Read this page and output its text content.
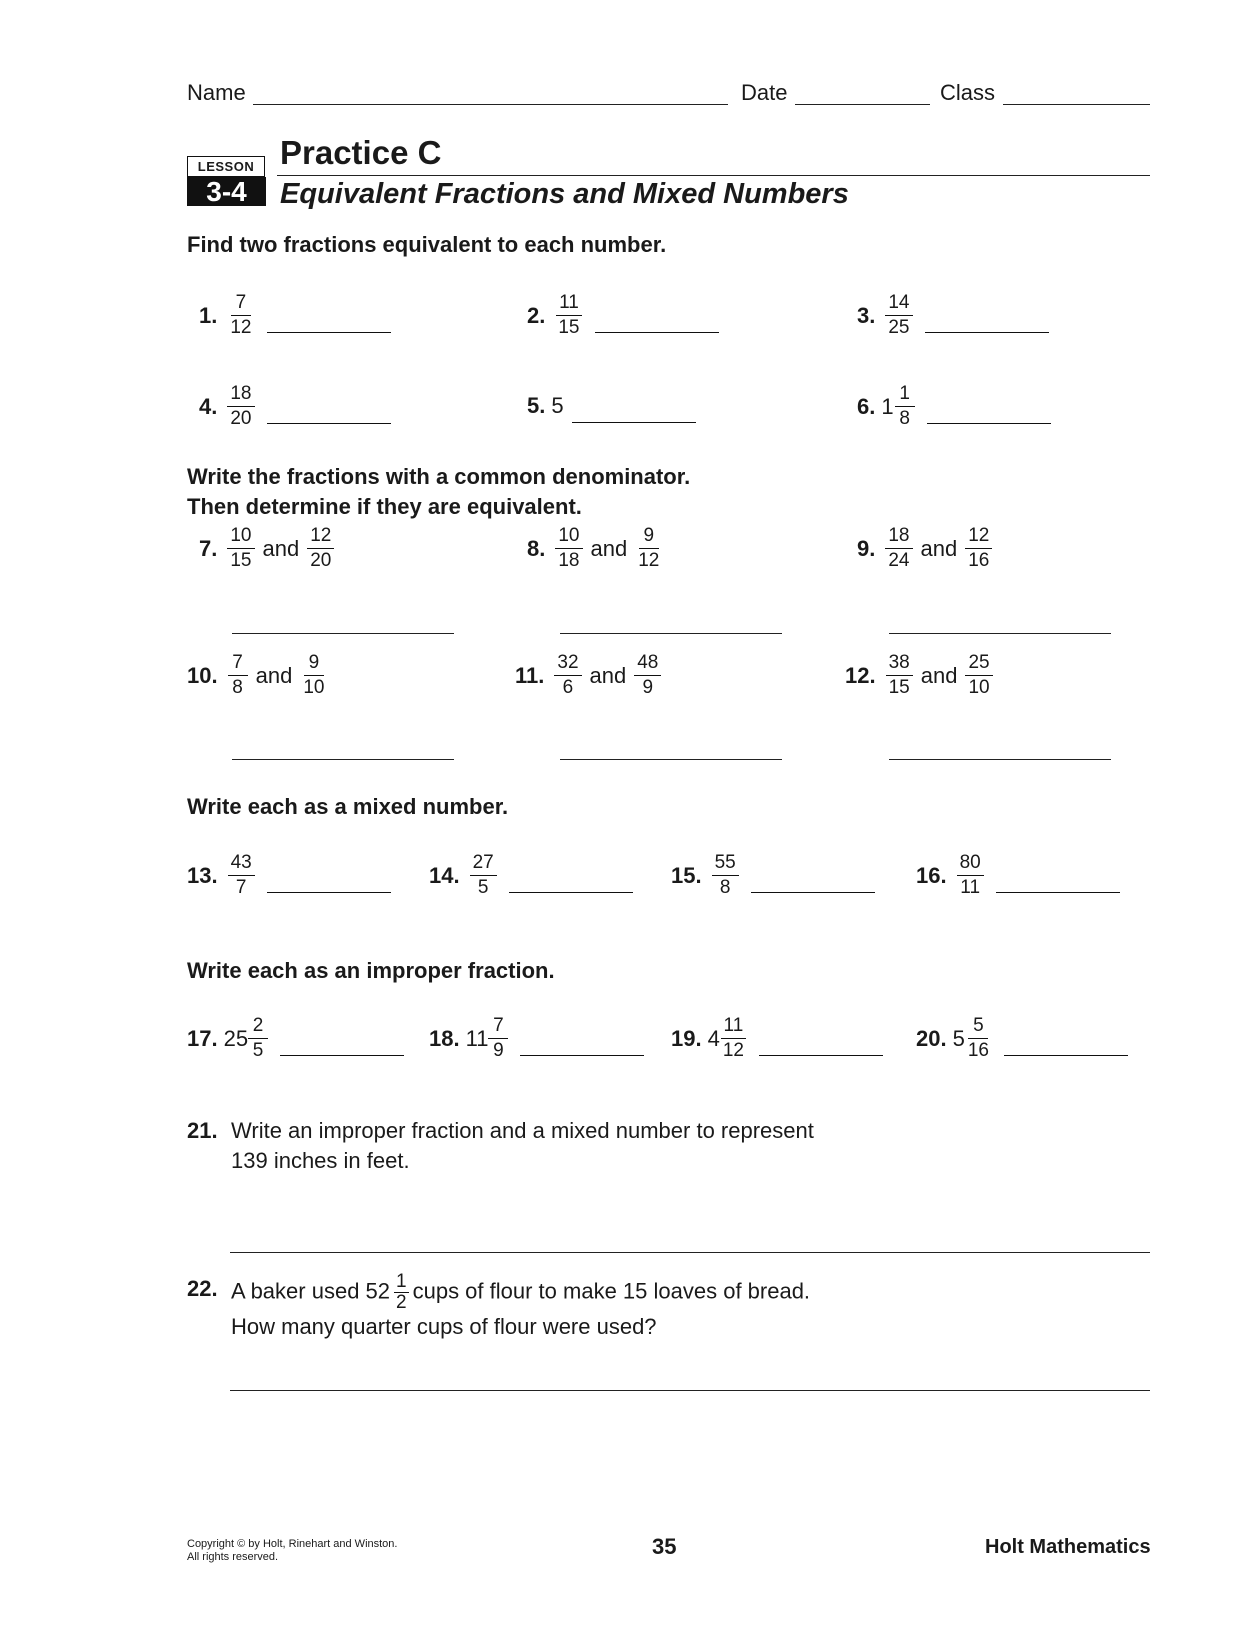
Name	Date	Class
LESSON
3-4
Practice C
Equivalent Fractions and Mixed Numbers
Find two fractions equivalent to each number.
1. $\frac{7}{12}$	2. $\frac{11}{15}$	3. $\frac{14}{25}$
4. $\frac{18}{20}$	5. 5	6. $1 \frac{1}{8}$
Write the fractions with a common denominator.
Then determine if they are equivalent.
7. $\frac{10}{15}$ and $\frac{12}{20}$	8. $\frac{10}{18}$ and $\frac{9}{12}$	9. $\frac{18}{24}$ and $\frac{12}{16}$
10. $\frac{7}{8}$ and $\frac{9}{10}$	11. $\frac{32}{6}$ and $\frac{48}{9}$	12. $\frac{38}{15}$ and $\frac{25}{10}$
Write each as a mixed number.
13. $\frac{43}{7}$	14. $\frac{27}{5}$	15. $\frac{55}{8}$	16. $\frac{80}{11}$
Write each as an improper fraction.
17. $25 \frac{2}{5}$	18. $11 \frac{7}{9}$	19. $4 \frac{11}{12}$	20. $5 \frac{5}{16}$
21. Write an improper fraction and a mixed number to represent
139 inches in feet.
22. A baker used $52 \frac{1}{2}$ cups of flour to make 15 loaves of bread.
How many quarter cups of flour were used?
Copyright © by Holt, Rinehart and Winston.
All rights reserved.	35	Holt Mathematics
